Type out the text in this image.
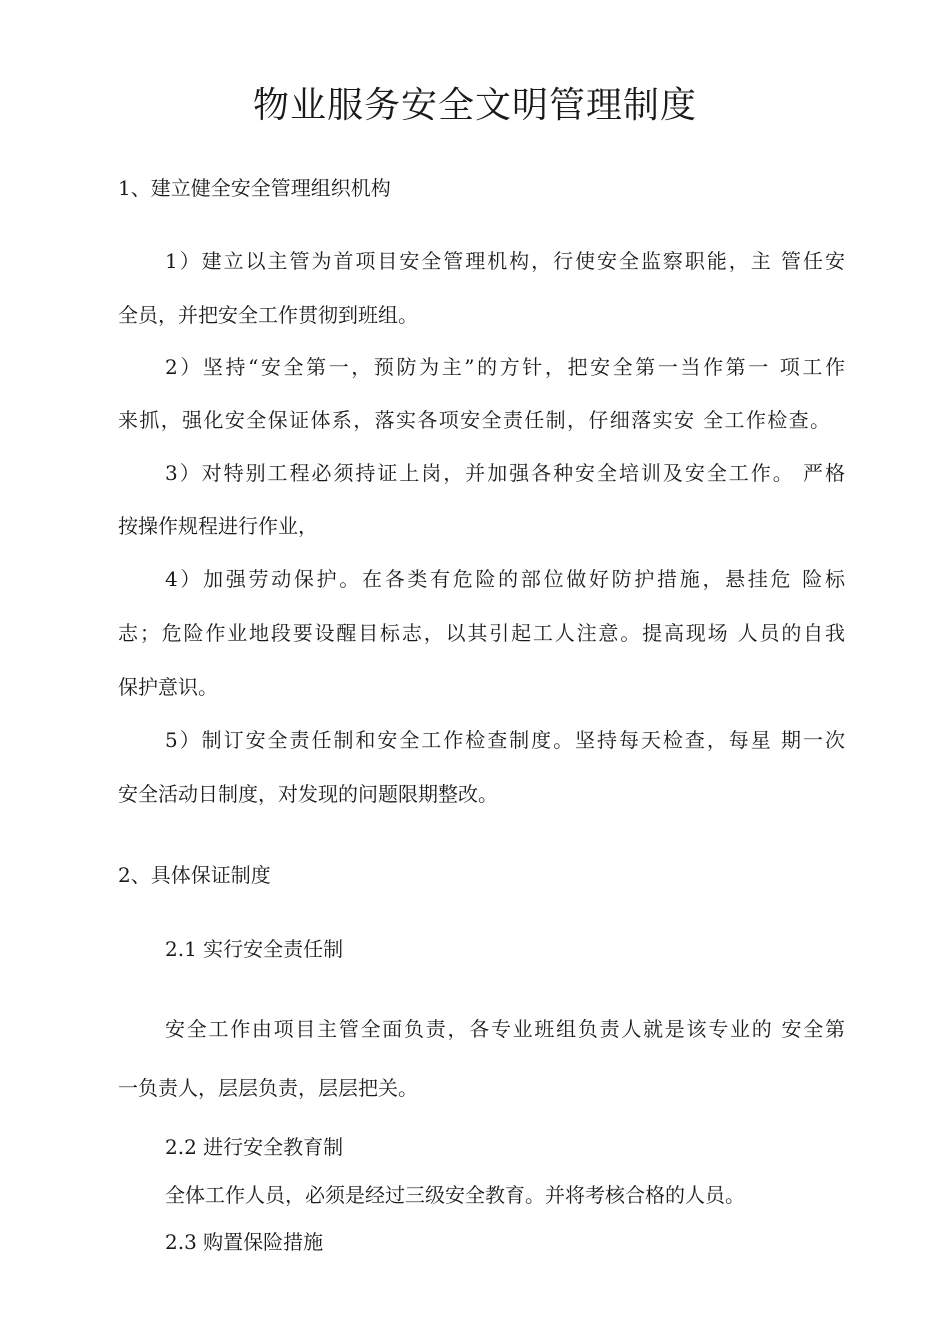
物业服务安全文明管理制度
1、建立健全安全管理组织机构
1）建立以主管为首项目安全管理机构，行使安全监察职能，主 管任安
全员，并把安全工作贯彻到班组。
2）坚持“安全第一，预防为主”的方针，把安全第一当作第一 项工作
来抓，强化安全保证体系，落实各项安全责任制，仔细落实安 全工作检查。
3）对特别工程必须持证上岗，并加强各种安全培训及安全工作。 严格
按操作规程进行作业，
4）加强劳动保护。在各类有危险的部位做好防护措施，悬挂危 险标
志；危险作业地段要设醒目标志，以其引起工人注意。提高现场 人员的自我
保护意识。
5）制订安全责任制和安全工作检查制度。坚持每天检查，每星 期一次
安全活动日制度，对发现的问题限期整改。
2、具体保证制度
2.1 实行安全责任制
安全工作由项目主管全面负责，各专业班组负责人就是该专业的 安全第
一负责人，层层负责，层层把关。
2.2 进行安全教育制
全体工作人员，必须是经过三级安全教育。并将考核合格的人员。
2.3 购置保险措施
